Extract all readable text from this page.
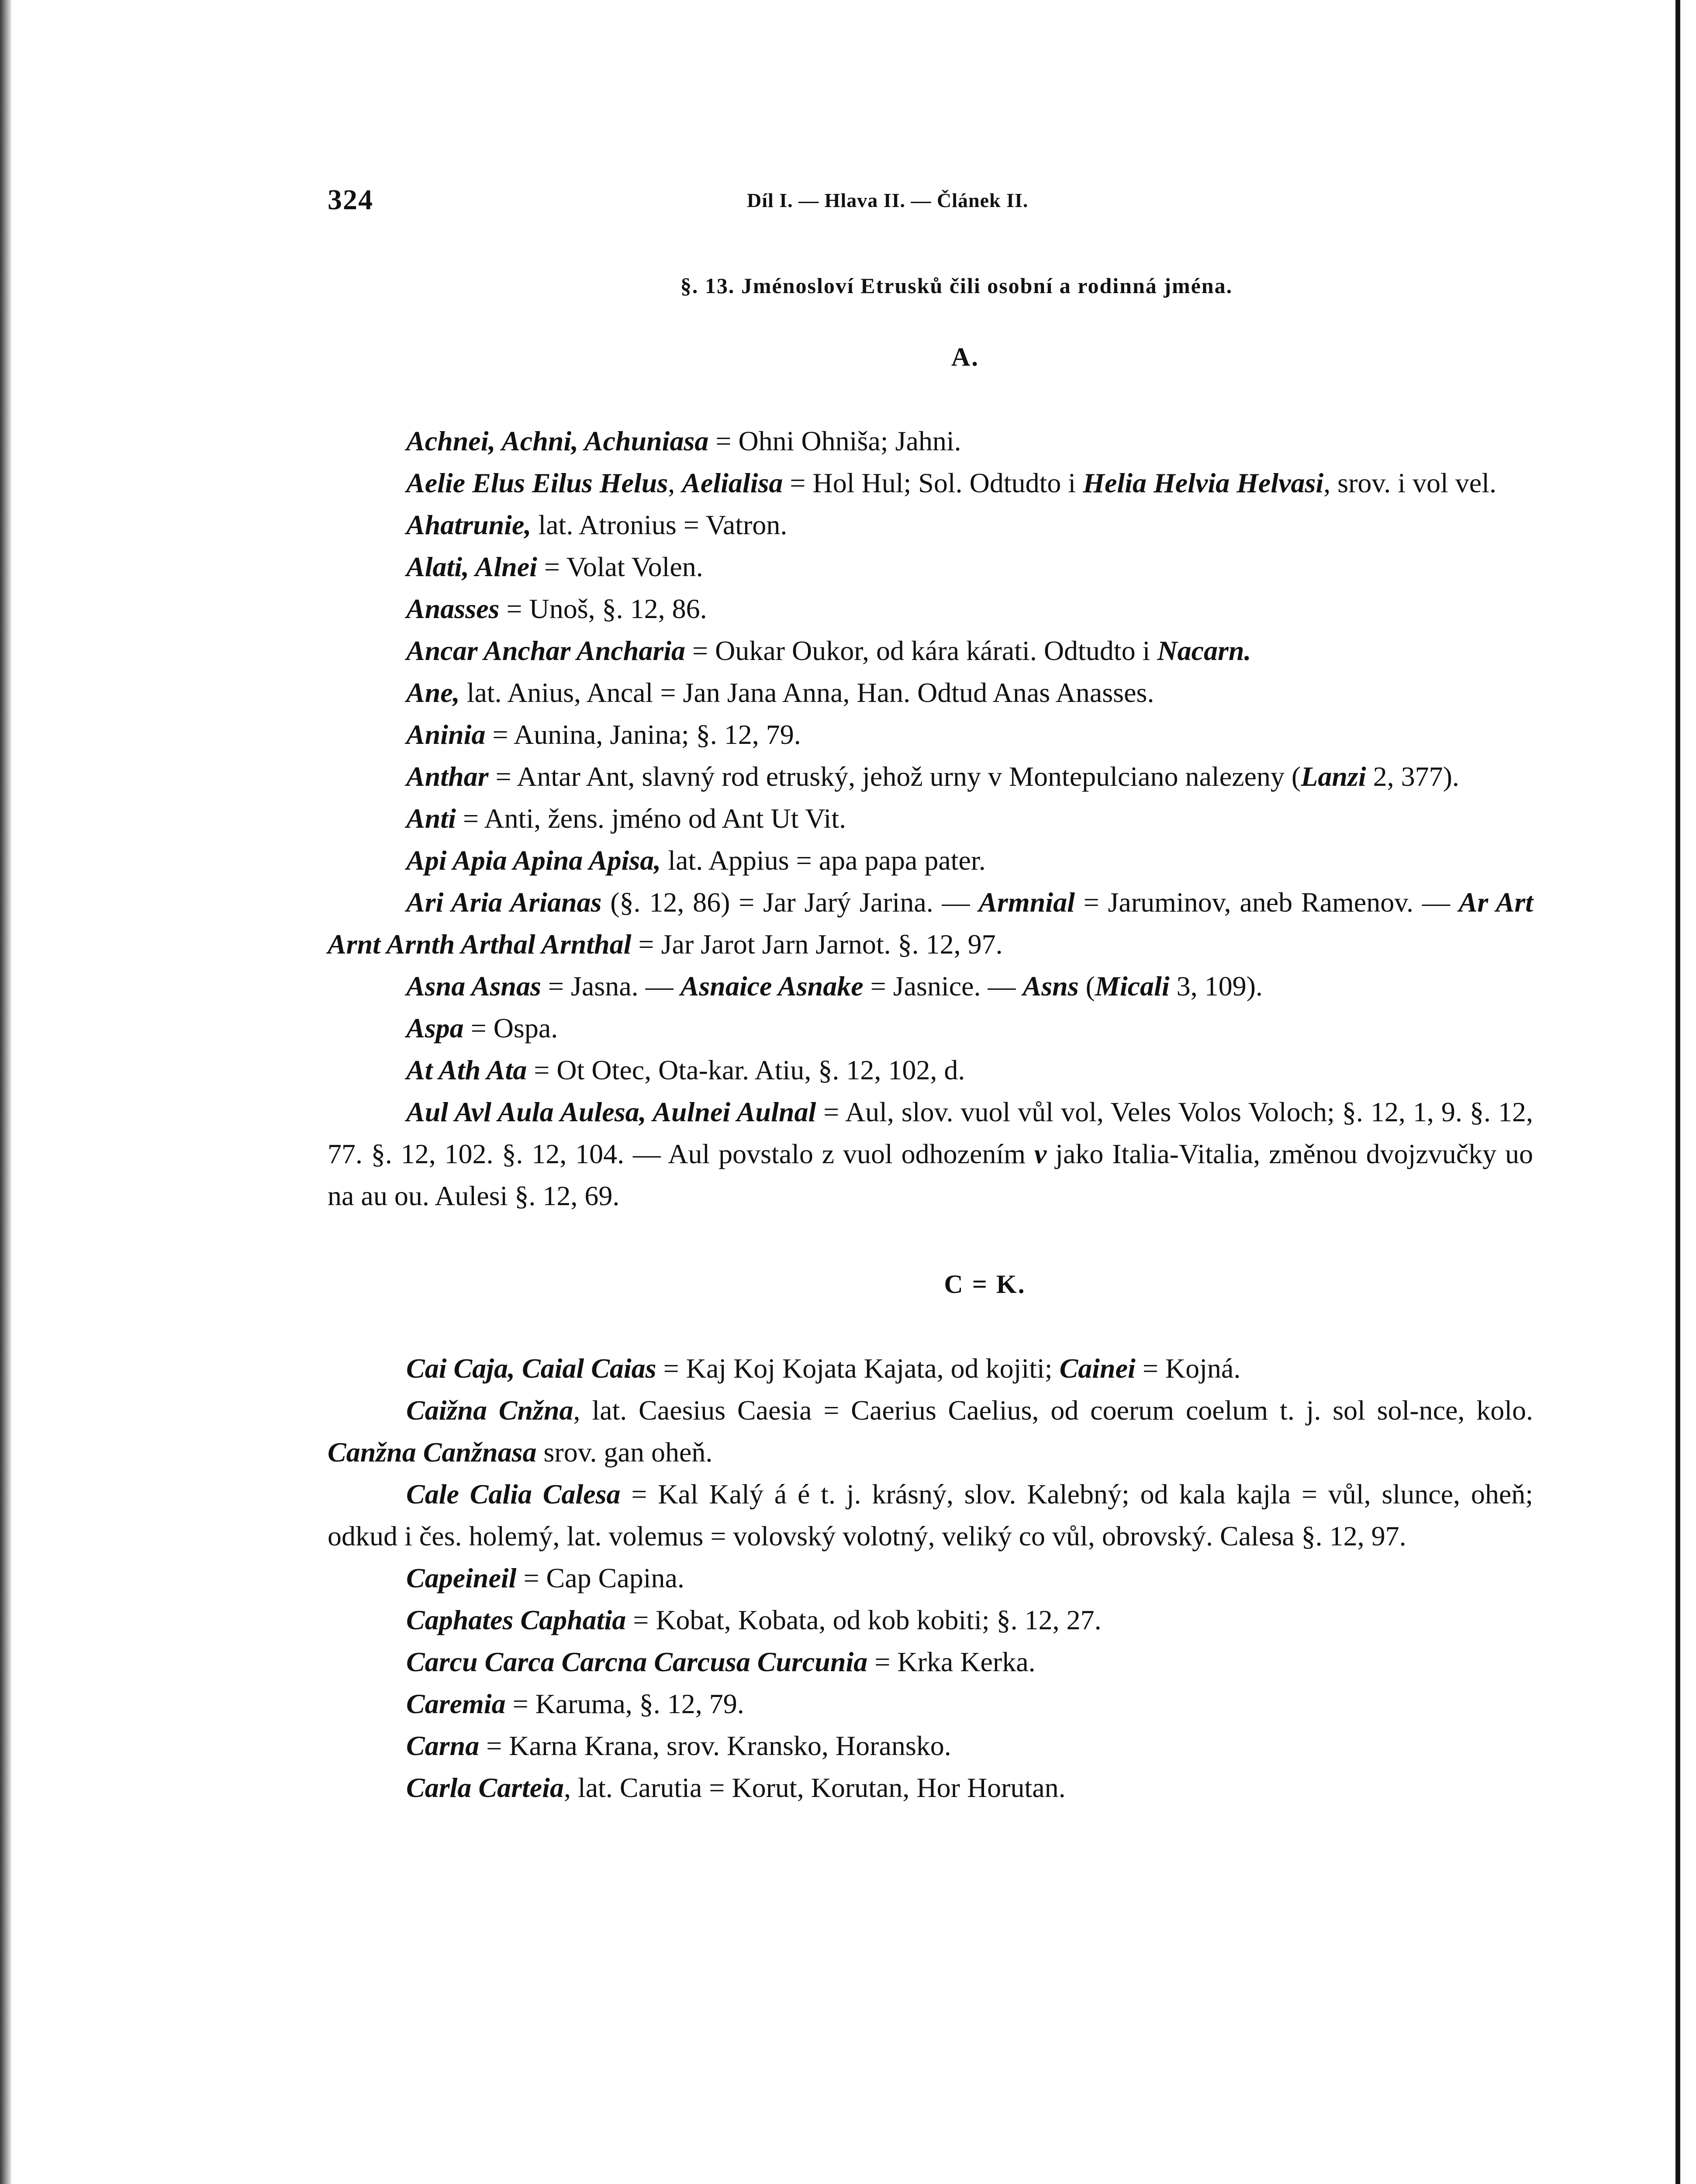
324	Díl I. — Hlava II. — Článek II.
§. 13. Jménosloví Etrusků čili osobní a rodinná jména.
A.

Achnei, Achni, Achuniasa = Ohni Ohniša; Jahni.

Aelie Elus Eilus Helus, Aelialisa = Hol Hul; Sol. Odtudto i Helia Helvia Helvasi, srov. i vol vel.

Ahatrunie, lat. Atronius = Vatron.

Alati, Alnei = Volat Volen.

Anasses = Unoš, §. 12, 86.

Ancar Anchar Ancharia = Oukar Oukor, od kára kárati. Odtudto i Nacarn.

Ane, lat. Anius, Ancal = Jan Jana Anna, Han. Odtud Anas Anasses.

Aninia = Aunina, Janina; §. 12, 79.

Anthar = Antar Ant, slavný rod etruský, jehož urny v Montepulciano nalezeny (Lanzi 2, 377).

Anti = Anti, žens. jméno od Ant Ut Vit.

Api Apia Apina Apisa, lat. Appius = apa papa pater.

Ari Aria Arianas (§. 12, 86) = Jar Jarý Jarina. — Armnial = Jaruminov, aneb Ramenov. — Ar Art Arnt Arnth Arthal Arnthal = Jar Jarot Jarn Jarnot. §. 12, 97.

Asna Asnas = Jasna. — Asnaice Asnake = Jasnice. — Asns (Micali 3, 109).

Aspa = Ospa.

At Ath Ata = Ot Otec, Ota-kar. Atiu, §. 12, 102, d.

Aul Avl Aula Aulesa, Aulnei Aulnal = Aul, slov. vuol vůl vol, Veles Volos Voloch; §. 12, 1, 9. §. 12, 77. §. 12, 102. §. 12, 104. — Aul povstalo z vuol odhozením v jako Italia-Vitalia, změnou dvojzvučky uo na au ou. Aulesi §. 12, 69.

C = K.

Cai Caja, Caial Caias = Kaj Koj Kojata Kajata, od kojiti; Cainei = Kojná.

Caižna Cnžna, lat. Caesius Caesia = Caerius Caelius, od coerum coelum t. j. sol sol-nce, kolo. Canžna Canžnasa srov. gan oheň.

Cale Calia Calesa = Kal Kalý á é t. j. krásný, slov. Kalebný; od kala kajla = vůl, slunce, oheň; odkud i čes. holemý, lat. volemus = volovský volotný, veliký co vůl, obrovský. Calesa §. 12, 97.

Capeineil = Cap Capina.

Caphates Caphatia = Kobat, Kobata, od kob kobiti; §. 12, 27.

Carcu Carca Carcna Carcusa Curcunia = Krka Kerka.

Caremia = Karuma, §. 12, 79.

Carna = Karna Krana, srov. Kransko, Horansko.

Carla Carteia, lat. Carutia = Korut, Korutan, Hor Horutan.
